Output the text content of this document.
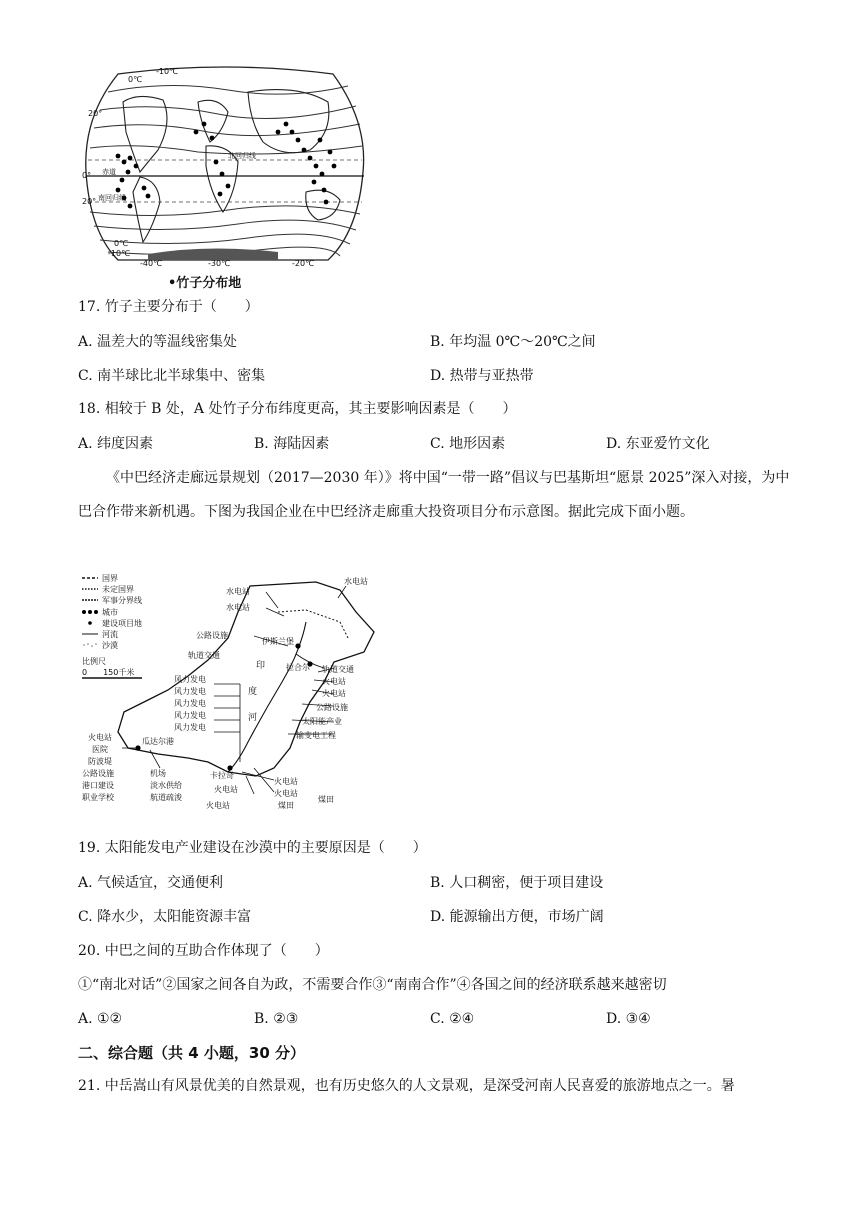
-10℃
0℃
20°
0° 赤道
北回归线
20° 南回归线
-40℃	-30℃	-20℃
-10℃
0℃
•竹子分布地
17. 竹子主要分布于（　　）
A. 温差大的等温线密集处	B. 年均温 0℃～20℃之间
C. 南半球比北半球集中、密集	D. 热带与亚热带
18. 相较于 B 处，A 处竹子分布纬度更高，其主要影响因素是（　　）
A. 纬度因素	B. 海陆因素	C. 地形因素	D. 东亚爱竹文化
《中巴经济走廊远景规划（2017—2030 年）》将中国“一带一路”倡议与巴基斯坦“愿景 2025”深入对接，为中巴合作带来新机遇。下图为我国企业在中巴经济走廊重大投资项目分布示意图。据此完成下面小题。
国界
未定国界
军事分界线
城市
建设项目地
河流
沙漠
比例尺
0　　150千米
水电站
水电站
水电站
公路设施
轨道交通
伊斯兰堡
拉合尔 轨道交通
火电站
火电站
公路设施
太阳能产业
输变电工程
风力发电
风力发电
风力发电
风力发电
风力发电
印
度
河
火电站
医院
防波堤
公路设施
港口建设
职业学校
瓜达尔港
机场
淡水供给
航道疏浚
卡拉奇
火电站
火电站	火电站
煤田
煤田
火电站
19. 太阳能发电产业建设在沙漠中的主要原因是（　　）
A. 气候适宜，交通便利	B. 人口稠密，便于项目建设
C. 降水少，太阳能资源丰富	D. 能源输出方便，市场广阔
20. 中巴之间的互助合作体现了（　　）
①“南北对话”②国家之间各自为政，不需要合作③“南南合作”④各国之间的经济联系越来越密切
A. ①②	B. ②③	C. ②④	D. ③④
二、综合题（共 4 小题，30 分）
21. 中岳嵩山有风景优美的自然景观，也有历史悠久的人文景观，是深受河南人民喜爱的旅游地点之一。暑
